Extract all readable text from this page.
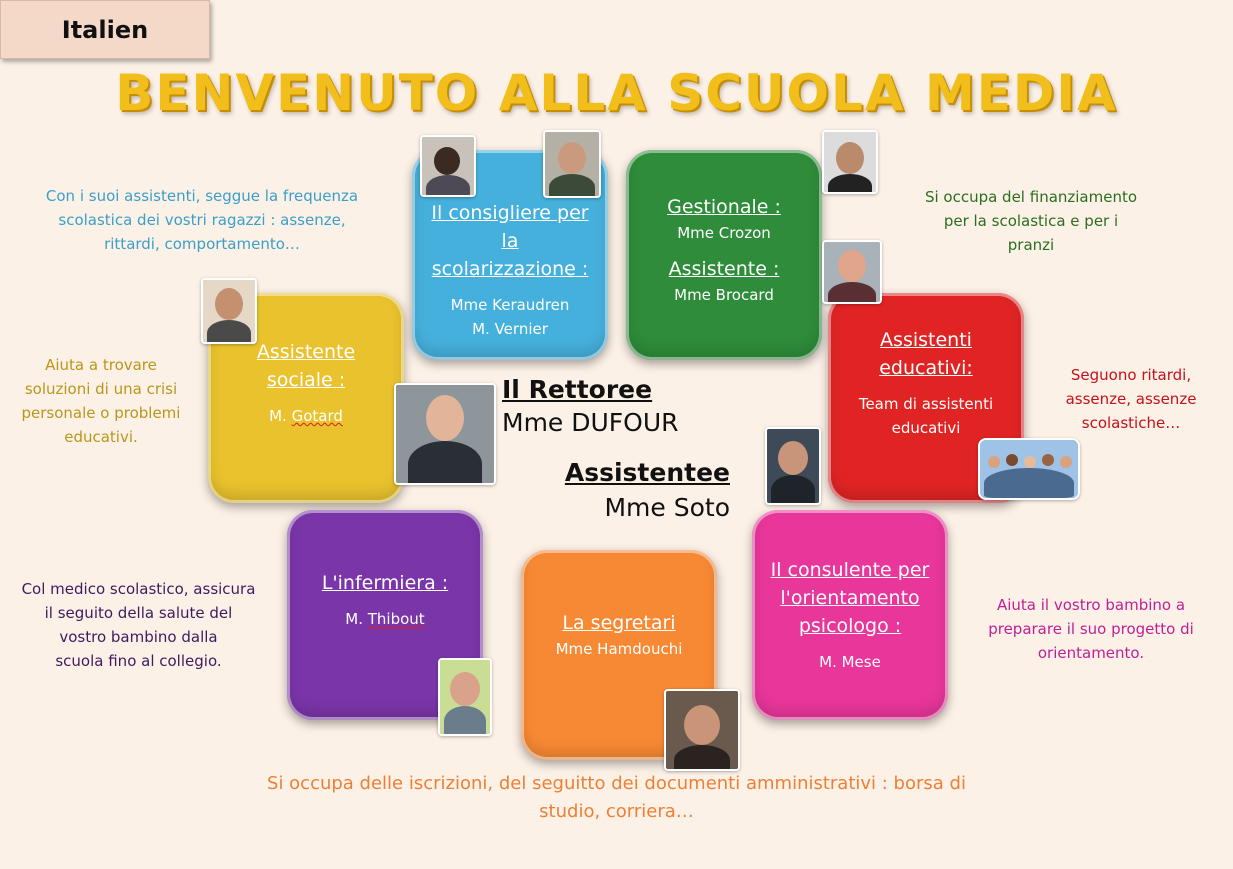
Italien
BENVENUTO ALLA SCUOLA MEDIA
Il consigliere per
la
scolarizzazione :
Mme Keraudren
M. Vernier
Gestionale :
Mme Crozon
Assistente :
Mme Brocard
Assistente
sociale :
M. Gotard
Assistenti
educativi:
Team di assistenti
educativi
L'infermiera :
M. Thibout	La segretari
Mme Hamdouchi
Il consulente per
l'orientamento
psicologo :
M. Mese
Il Rettoree
Mme DUFOUR
Assistentee
Mme Soto
Con i suoi assistenti, seggue la frequenza
scolastica dei vostri ragazzi : assenze,
rittardi, comportamento…
Si occupa del finanziamento
per la scolastica e per i
pranzi
Aiuta a trovare
soluzioni di una crisi
personale o problemi
educativi.
Seguono ritardi,
assenze, assenze
scolastiche…
Col medico scolastico, assicura
il seguito della salute del
vostro bambino dalla
scuola fino al collegio.
Aiuta il vostro bambino a
preparare il suo progetto di
orientamento.
Si occupa delle iscrizioni, del seguitto dei documenti amministrativi : borsa di
studio, corriera…
